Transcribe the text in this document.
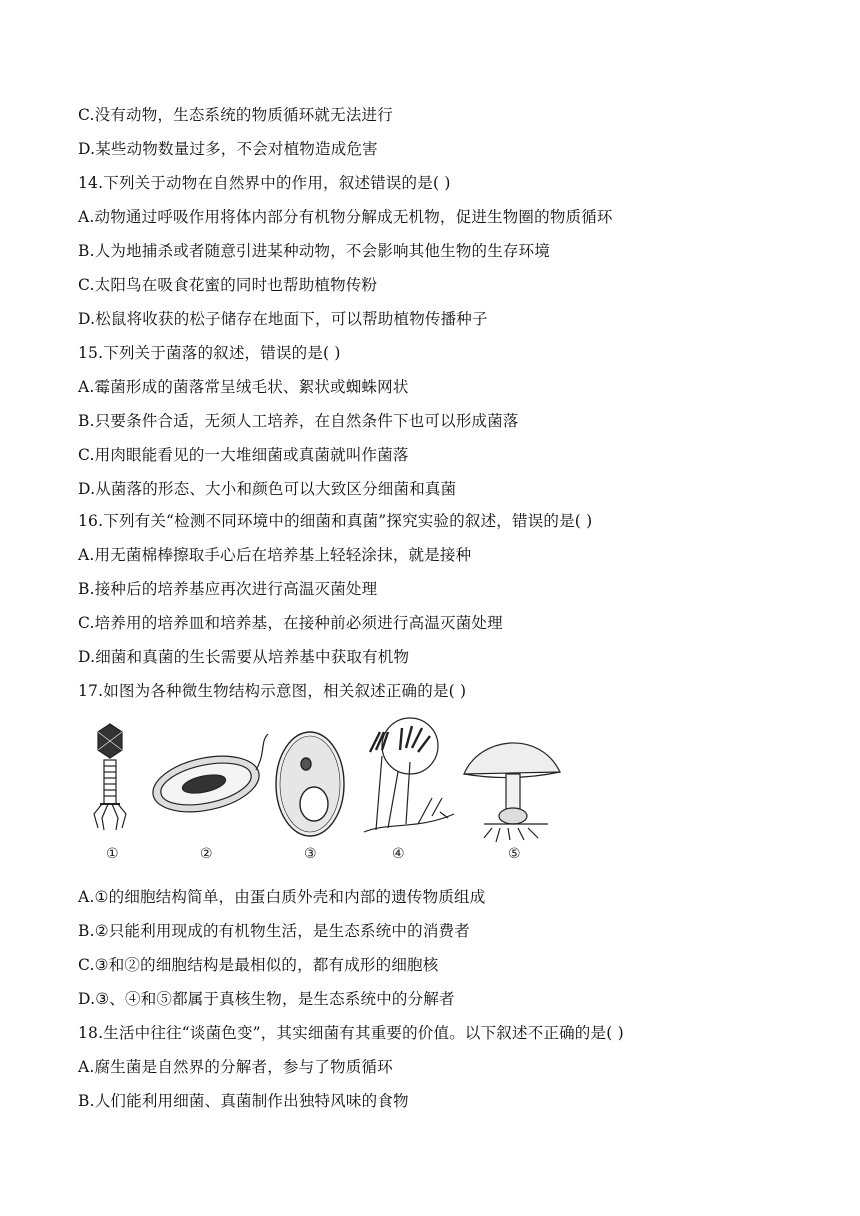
C.没有动物，生态系统的物质循环就无法进行
D.某些动物数量过多，不会对植物造成危害
14.下列关于动物在自然界中的作用，叙述错误的是( )
A.动物通过呼吸作用将体内部分有机物分解成无机物，促进生物圈的物质循环
B.人为地捕杀或者随意引进某种动物，不会影响其他生物的生存环境
C.太阳鸟在吸食花蜜的同时也帮助植物传粉
D.松鼠将收获的松子储存在地面下，可以帮助植物传播种子
15.下列关于菌落的叙述，错误的是( )
A.霉菌形成的菌落常呈绒毛状、絮状或蜘蛛网状
B.只要条件合适，无须人工培养，在自然条件下也可以形成菌落
C.用肉眼能看见的一大堆细菌或真菌就叫作菌落
D.从菌落的形态、大小和颜色可以大致区分细菌和真菌
16.下列有关“检测不同环境中的细菌和真菌”探究实验的叙述，错误的是( )
A.用无菌棉棒擦取手心后在培养基上轻轻涂抹，就是接种
B.接种后的培养基应再次进行高温灭菌处理
C.培养用的培养皿和培养基，在接种前必须进行高温灭菌处理
D.细菌和真菌的生长需要从培养基中获取有机物
17.如图为各种微生物结构示意图，相关叙述正确的是( )
①	②	③	④	⑤
A.①的细胞结构简单，由蛋白质外壳和内部的遗传物质组成
B.②只能利用现成的有机物生活，是生态系统中的消费者
C.③和②的细胞结构是最相似的，都有成形的细胞核
D.③、④和⑤都属于真核生物，是生态系统中的分解者
18.生活中往往“谈菌色变”，其实细菌有其重要的价值。以下叙述不正确的是( )
A.腐生菌是自然界的分解者，参与了物质循环
B.人们能利用细菌、真菌制作出独特风味的食物
